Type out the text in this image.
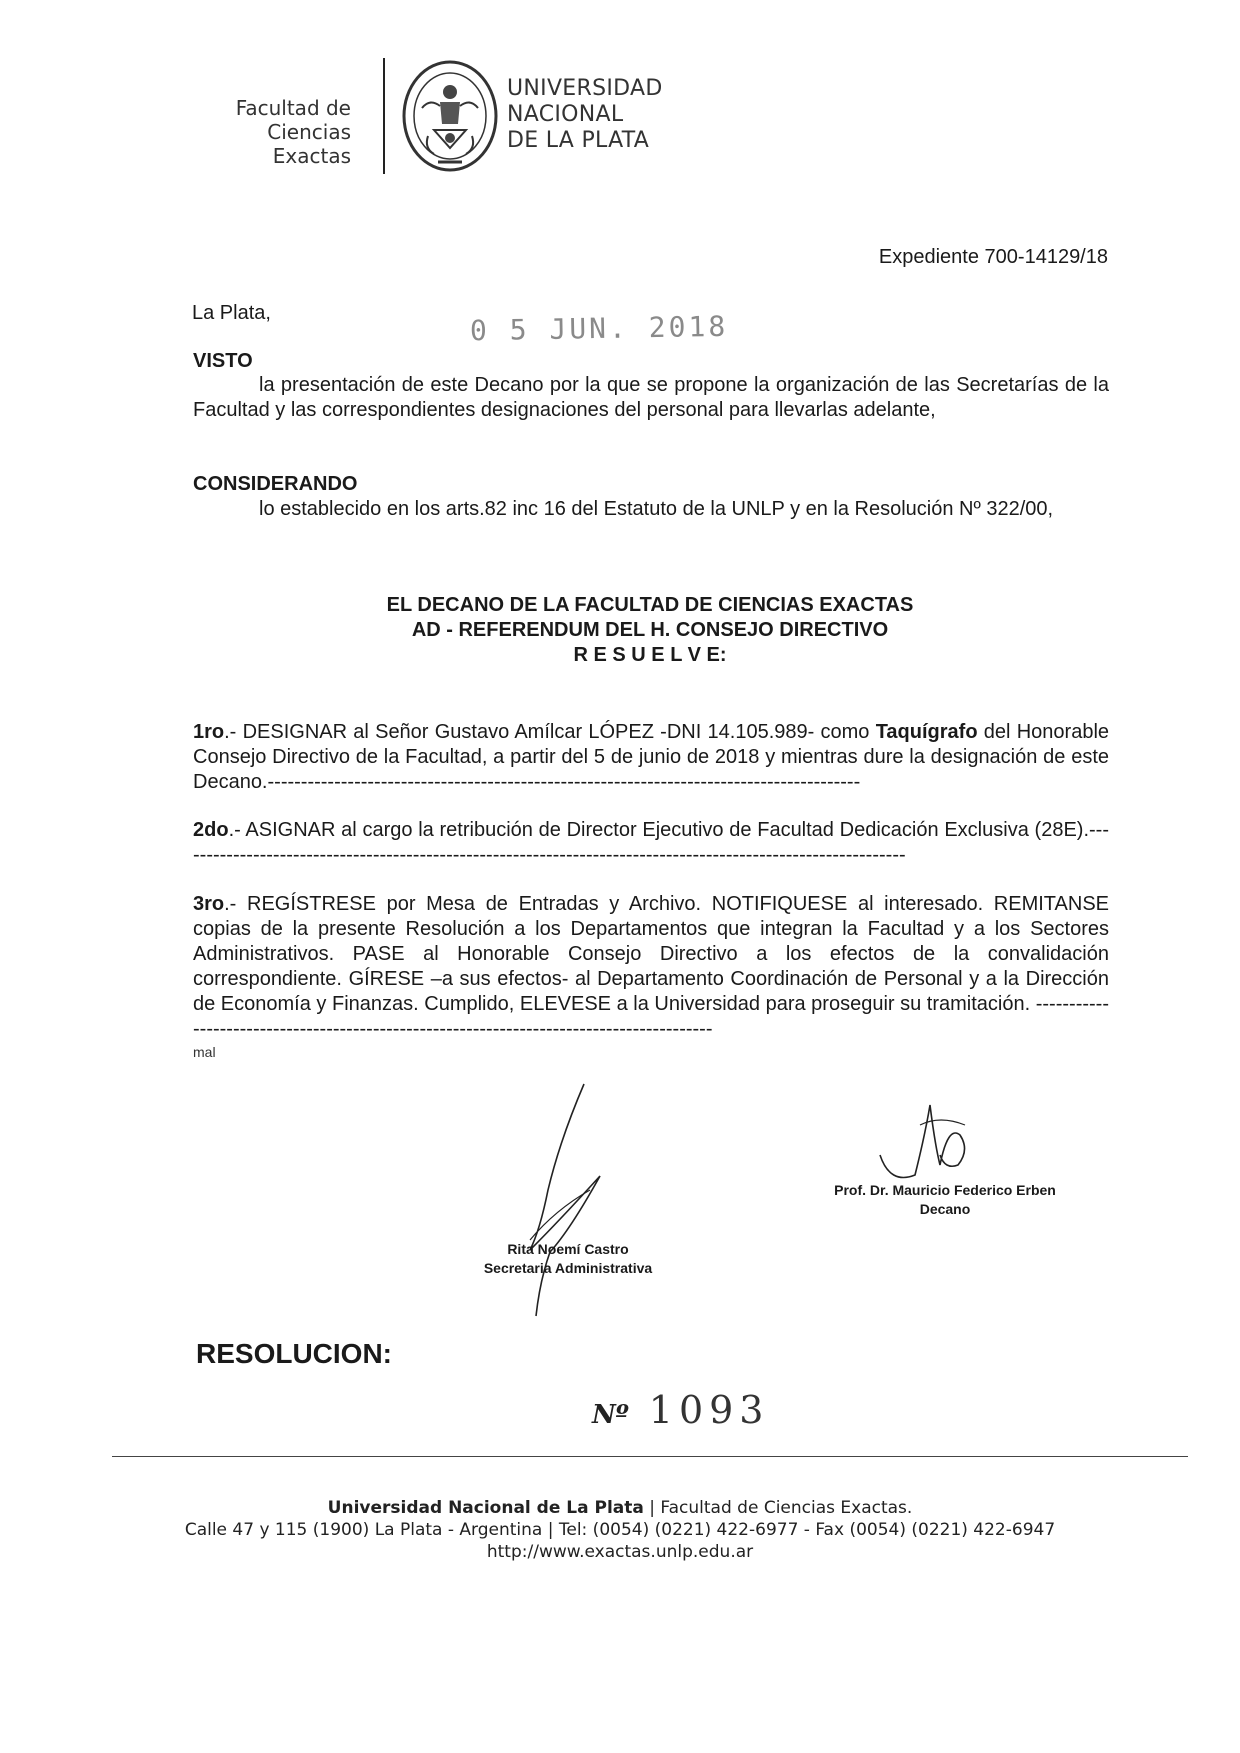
Facultad de
Ciencias Exactas
UNIVERSIDAD
NACIONAL
DE LA PLATA
Expediente 700-14129/18
La Plata,	0 5 JUN. 2018
VISTO
la presentación de este Decano por la que se propone la organización de las Secretarías de la Facultad y las correspondientes designaciones del personal para llevarlas adelante,
CONSIDERANDO
lo establecido en los arts.82 inc 16 del Estatuto de la UNLP y en la Resolución Nº 322/00,
EL DECANO DE LA FACULTAD DE CIENCIAS EXACTAS
AD - REFERENDUM DEL H. CONSEJO DIRECTIVO
R E S U E L V E:
1ro.- DESIGNAR al Señor Gustavo Amílcar LÓPEZ -DNI 14.105.989- como Taquígrafo del Honorable Consejo Directivo de la Facultad, a partir del 5 de junio de 2018 y mientras dure la designación de este Decano.-----------------------------------------------------------------------------------------
2do.- ASIGNAR al cargo la retribución de Director Ejecutivo de Facultad Dedicación Exclusiva (28E).--------------------------------------------------------------------------------------------------------------
3ro.- REGÍSTRESE por Mesa de Entradas y Archivo. NOTIFIQUESE al interesado. REMITANSE copias de la presente Resolución a los Departamentos que integran la Facultad y a los Sectores Administrativos. PASE al Honorable Consejo Directivo a los efectos de la convalidación correspondiente. GÍRESE –a sus efectos- al Departamento Coordinación de Personal y a la Dirección de Economía y Finanzas. Cumplido, ELEVESE a la Universidad para proseguir su tramitación. -----------------------------------------------------------------------------------------
mal
Rita Noemí Castro
Secretaria Administrativa
Prof. Dr. Mauricio Federico Erben
Decano
RESOLUCION:
Nº 1093
Universidad Nacional de La Plata | Facultad de Ciencias Exactas.
Calle 47 y 115 (1900) La Plata - Argentina | Tel: (0054) (0221) 422-6977 - Fax (0054) (0221) 422-6947
http://www.exactas.unlp.edu.ar
